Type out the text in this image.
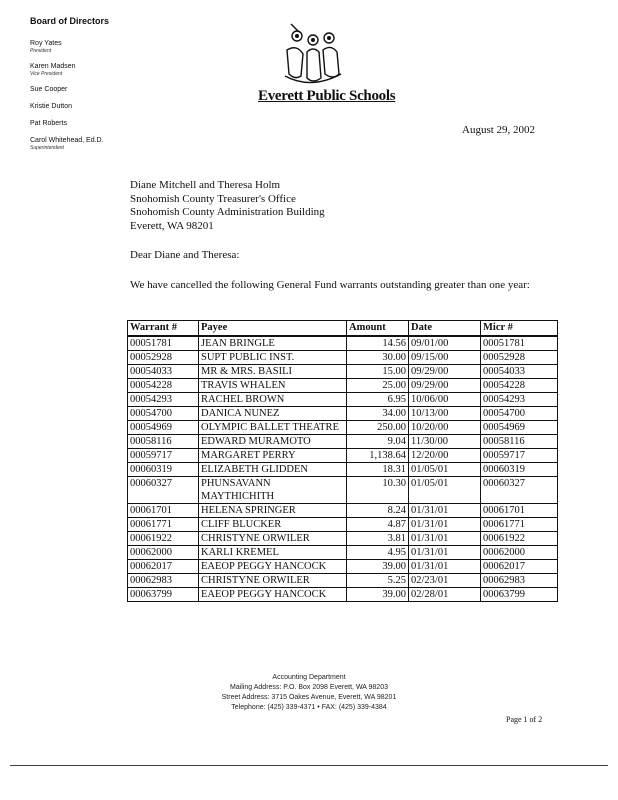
Board of Directors

Roy Yates
President
Karen Madsen
Vice President
Sue Cooper
Kristie Dutton
Pat Roberts
Carol Whitehead, Ed.D.
Superintendent
Everett Public Schools
August 29, 2002
Diane Mitchell and Theresa Holm
Snohomish County Treasurer's Office
Snohomish County Administration Building
Everett, WA 98201
Dear Diane and Theresa:
We have cancelled the following General Fund warrants outstanding greater than one year:
Warrant #	Payee	Amount	Date	Micr #
00051781	JEAN BRINGLE	14.56	09/01/00	00051781
00052928	SUPT PUBLIC INST.	30.00	09/15/00	00052928
00054033	MR & MRS. BASILI	15.00	09/29/00	00054033
00054228	TRAVIS WHALEN	25.00	09/29/00	00054228
00054293	RACHEL BROWN	6.95	10/06/00	00054293
00054700	DANICA NUNEZ	34.00	10/13/00	00054700
00054969	OLYMPIC BALLET THEATRE	250.00	10/20/00	00054969
00058116	EDWARD MURAMOTO	9.04	11/30/00	00058116
00059717	MARGARET PERRY	1,138.64	12/20/00	00059717
00060319	ELIZABETH GLIDDEN	18.31	01/05/01	00060319
00060327	PHUNSAVANN MAYTHICHITH	10.30	01/05/01	00060327
00061701	HELENA SPRINGER	8.24	01/31/01	00061701
00061771	CLIFF BLUCKER	4.87	01/31/01	00061771
00061922	CHRISTYNE ORWILER	3.81	01/31/01	00061922
00062000	KARLI KREMEL	4.95	01/31/01	00062000
00062017	EAEOP PEGGY HANCOCK	39.00	01/31/01	00062017
00062983	CHRISTYNE ORWILER	5.25	02/23/01	00062983
00063799	EAEOP PEGGY HANCOCK	39.00	02/28/01	00063799
Accounting Department
Mailing Address: P.O. Box 2098 Everett, WA 98203
Street Address: 3715 Oakes Avenue, Everett, WA 98201
Telephone: (425) 339-4371 • FAX: (425) 339-4384
Page 1 of 2
